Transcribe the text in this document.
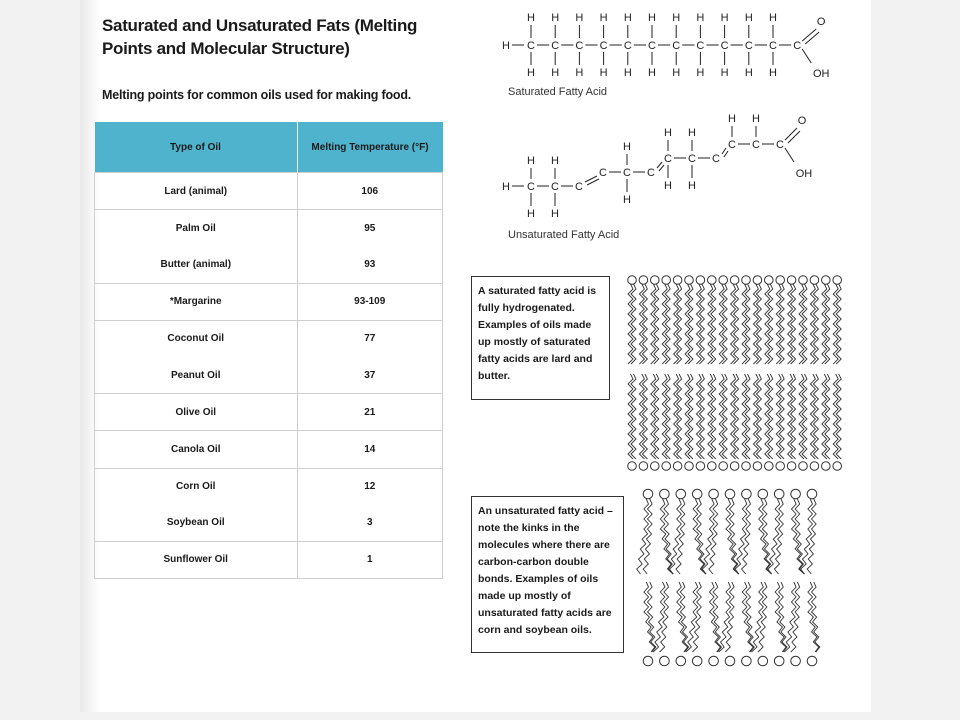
Saturated and Unsaturated Fats (Melting Points and Molecular Structure)
Melting points for common oils used for making food.
Type of Oil	Melting Temperature (°F)
Lard (animal)	106
Palm Oil	95
Butter (animal)	93
*Margarine	93-109
Coconut Oil	77
Peanut Oil	37
Olive Oil	21
Canola Oil	14
Corn Oil	12
Soybean Oil	3
Sunflower Oil	1
H C
H
H
C
H
H
C
H
H
C
H
H
C
H
H
C
H
H
C
H
H
C
H
H
C
H
H
C
H
H
C
H
H
C
O
OH
Saturated Fatty Acid
H C
H
H
C
H
H
C
C C
H
H
C
C
H
H
C
H
H
C
C
H
C
H
C
O
OH
Unsaturated Fatty Acid
A saturated fatty acid is fully hydrogenated. Examples of oils made up mostly of saturated fatty acids are lard and butter.
An unsaturated fatty acid – note the kinks in the molecules where there are carbon-carbon double bonds. Examples of oils made up mostly of unsaturated fatty acids are corn and soybean oils.
